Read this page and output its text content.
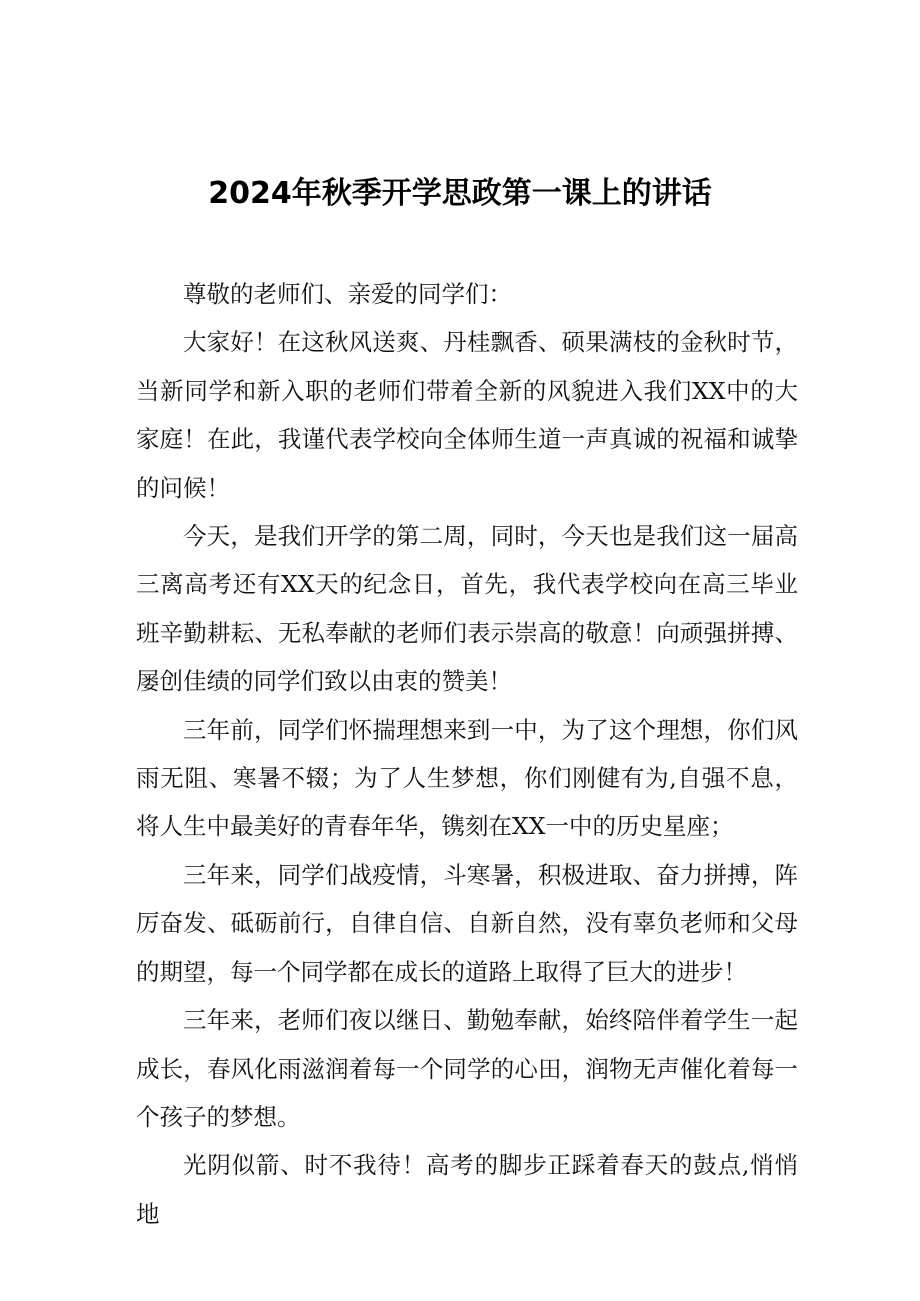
2024年秋季开学思政第一课上的讲话

尊敬的老师们、亲爱的同学们：

大家好！在这秋风送爽、丹桂飘香、硕果满枝的金秋时节，当新同学和新入职的老师们带着全新的风貌进入我们XX中的大家庭！在此，我谨代表学校向全体师生道一声真诚的祝福和诚挚的问候！

今天，是我们开学的第二周，同时，今天也是我们这一届高三离高考还有XX天的纪念日，首先，我代表学校向在高三毕业班辛勤耕耘、无私奉献的老师们表示崇高的敬意！向顽强拼搏、屡创佳绩的同学们致以由衷的赞美！

三年前，同学们怀揣理想来到一中，为了这个理想，你们风雨无阻、寒暑不辍；为了人生梦想，你们刚健有为,自强不息，将人生中最美好的青春年华，镌刻在XX一中的历史星座；

三年来，同学们战疫情，斗寒暑，积极进取、奋力拼搏，阵厉奋发、砥砺前行，自律自信、自新自然，没有辜负老师和父母的期望，每一个同学都在成长的道路上取得了巨大的进步！

三年来，老师们夜以继日、勤勉奉献，始终陪伴着学生一起成长，春风化雨滋润着每一个同学的心田，润物无声催化着每一个孩子的梦想。

光阴似箭、时不我待！高考的脚步正踩着春天的鼓点,悄悄地
